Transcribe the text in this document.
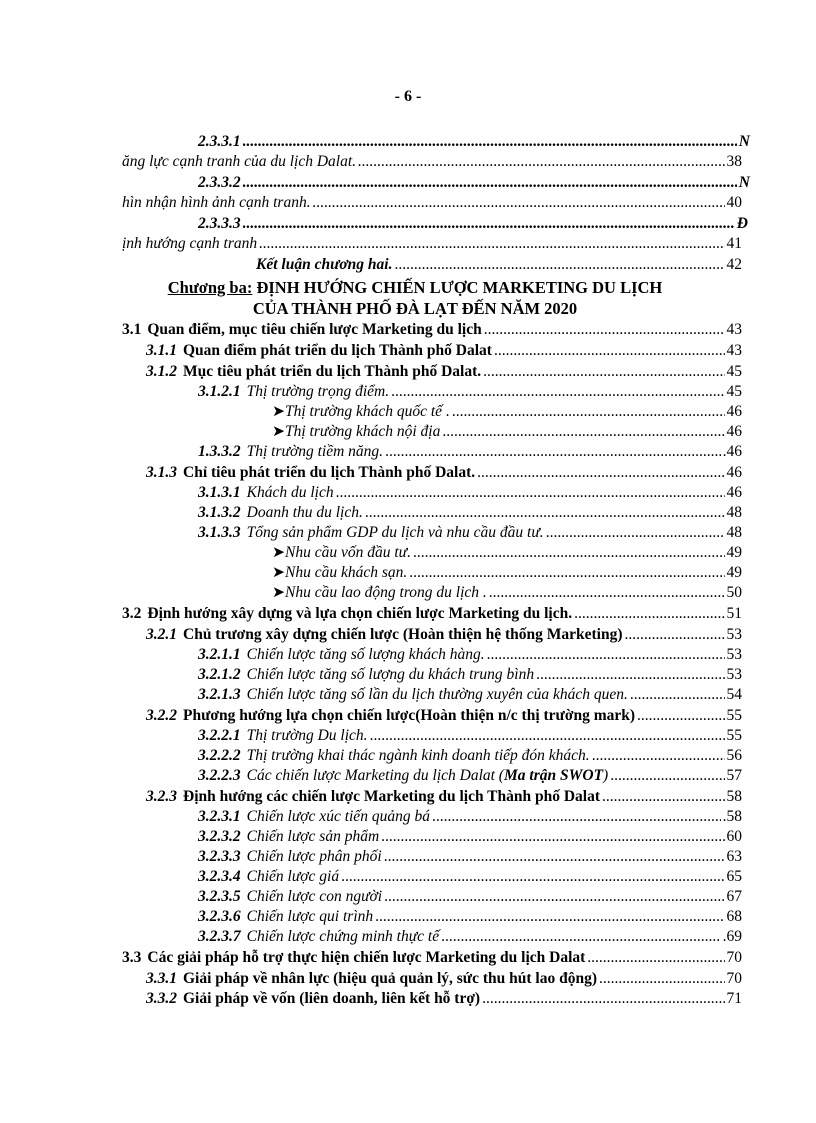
- 6 -
2.3.3.1 .....	N
ăng lực cạnh tranh của du lịch Dalat. .....	38
2.3.3.2 .....	N
hìn nhận hình ảnh cạnh tranh. .....	40
2.3.3.3 .....	Đ
ịnh hướng cạnh tranh .....	41
Kết luận chương hai. .....	42
Chương ba: ĐỊNH HƯỚNG CHIẾN LƯỢC MARKETING DU LỊCH
CỦA THÀNH PHỐ ĐÀ LẠT ĐẾN NĂM 2020
3.1 Quan điểm, mục tiêu chiến lược Marketing du lịch .....	43
3.1.1 Quan điểm phát triển du lịch Thành phố Dalat .....	43
3.1.2 Mục tiêu phát triển du lịch Thành phố Dalat. .....	45
3.1.2.1 Thị trường trọng điểm. .....	45
➤ Thị trường khách quốc tế . .....	46
➤ Thị trường khách nội địa .....	46
1.3.3.2 Thị trường tiềm năng. .....	.46
3.1.3 Chỉ tiêu phát triển du lịch Thành phố Dalat. .....	46
3.1.3.1 Khách du lịch .....	46
3.1.3.2 Doanh thu du lịch. .....	48
3.1.3.3 Tổng sản phẩm GDP du lịch và nhu cầu đầu tư. .....	48
➤ Nhu cầu vốn đầu tư. .....	49
➤ Nhu cầu khách sạn. .....	49
➤ Nhu cầu lao động trong du lịch . .....	50
3.2 Định hướng xây dựng và lựa chọn chiến lược Marketing du lịch. .....	51
3.2.1 Chủ trương xây dựng chiến lược (Hoàn thiện hệ thống Marketing) .....	53
3.2.1.1 Chiến lược tăng số lượng khách hàng. .....	53
3.2.1.2 Chiến lược tăng số lượng du khách trung bình .....	53
3.2.1.3 Chiến lược tăng số lần du lịch thường xuyên của khách quen. .....	54
3.2.2 Phương hướng lựa chọn chiến lược(Hoàn thiện n/c thị trường mark) .....	55
3.2.2.1 Thị trường Du lịch. .....	55
3.2.2.2 Thị trường khai thác ngành kinh doanh tiếp đón khách. .....	56
3.2.2.3 Các chiến lược Marketing du lịch Dalat (Ma trận SWOT) .....	57
3.2.3 Định hướng các chiến lược Marketing du lịch Thành phố Dalat .....	58
3.2.3.1 Chiến lược xúc tiến quảng bá .....	.58
3.2.3.2 Chiến lược sản phẩm .....	60
3.2.3.3 Chiến lược phân phối .....	63
3.2.3.4 Chiến lược giá .....	65
3.2.3.5 Chiến lược con người .....	67
3.2.3.6 Chiến lược qui trình .....	68
3.2.3.7 Chiến lược chứng minh thực tế .....	.69
3.3 Các giải pháp hỗ trợ thực hiện chiến lược Marketing du lịch Dalat .....	70
3.3.1 Giải pháp về nhân lực (hiệu quả quản lý, sức thu hút lao động) .....	70
3.3.2 Giải pháp về vốn (liên doanh, liên kết hỗ trợ) .....	71
